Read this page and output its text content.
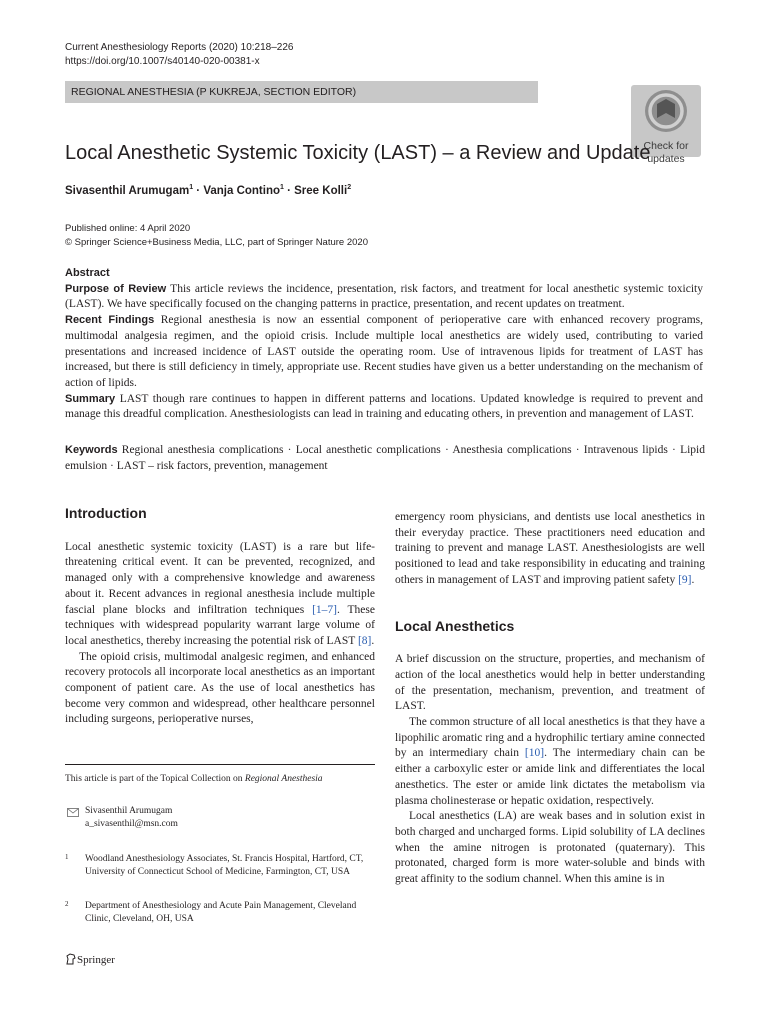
Current Anesthesiology Reports (2020) 10:218–226
https://doi.org/10.1007/s40140-020-00381-x
REGIONAL ANESTHESIA (P KUKREJA, SECTION EDITOR)
Check for
updates
Local Anesthetic Systemic Toxicity (LAST) – a Review and Update
Sivasenthil Arumugam$^1$ · Vanja Contino$^1$ · Sree Kolli$^2$
Published online: 4 April 2020
© Springer Science+Business Media, LLC, part of Springer Nature 2020
Abstract

Purpose of Review This article reviews the incidence, presentation, risk factors, and treatment for local anesthetic systemic toxicity (LAST). We have specifically focused on the changing patterns in practice, presentation, and recent updates on treatment.

Recent Findings Regional anesthesia is now an essential component of perioperative care with enhanced recovery programs, multimodal analgesia regimen, and the opioid crisis. Include multiple local anesthetics are widely used, contributing to varied presentations and increased incidence of LAST outside the operating room. Use of intravenous lipids for treatment of LAST has increased, but there is still deficiency in timely, appropriate use. Recent studies have given us a better understanding on the mechanism of action of lipids.

Summary LAST though rare continues to happen in different patterns and locations. Updated knowledge is required to prevent and manage this dreadful complication. Anesthesiologists can lead in training and educating others, in prevention and management of LAST.

Keywords Regional anesthesia complications · Local anesthetic complications · Anesthesia complications · Intravenous lipids · Lipid emulsion · LAST – risk factors, prevention, management
Introduction

Local anesthetic systemic toxicity (LAST) is a rare but life-threatening critical event. It can be prevented, recognized, and managed only with a comprehensive knowledge and awareness about it. Recent advances in regional anesthesia include multiple fascial plane blocks and infiltration techniques [1–7]. These techniques with widespread popularity warrant large volume of local anesthetics, thereby increasing the potential risk of LAST [8].

The opioid crisis, multimodal analgesic regimen, and enhanced recovery protocols all incorporate local anesthetics as an important component of patient care. As the use of local anesthetics has become very common and widespread, other healthcare personnel including surgeons, perioperative nurses,

This article is part of the Topical Collection on Regional Anesthesia
Sivasenthil Arumugam
a_sivasenthil@msn.com
1 Woodland Anesthesiology Associates, St. Francis Hospital, Hartford, CT, University of Connecticut School of Medicine, Farmington, CT, USA
2 Department of Anesthesiology and Acute Pain Management, Cleveland Clinic, Cleveland, OH, USA
Springer

emergency room physicians, and dentists use local anesthetics in their everyday practice. These practitioners need education and training to prevent and manage LAST. Anesthesiologists are well positioned to lead and take responsibility in educating and training others in management of LAST and improving patient safety [9].

Local Anesthetics

A brief discussion on the structure, properties, and mechanism of action of the local anesthetics would help in better understanding of the presentation, mechanism, prevention, and treatment of LAST.

The common structure of all local anesthetics is that they have a lipophilic aromatic ring and a hydrophilic tertiary amine connected by an intermediary chain [10]. The intermediary chain can be either a carboxylic ester or amide link and differentiates the local anesthetics. The ester or amide link dictates the metabolism via plasma cholinesterase or hepatic oxidation, respectively.

Local anesthetics (LA) are weak bases and in solution exist in both charged and uncharged forms. Lipid solubility of LA declines when the amine nitrogen is protonated (quaternary). This protonated, charged form is more water-soluble and binds with great affinity to the sodium channel. When this amine is in
